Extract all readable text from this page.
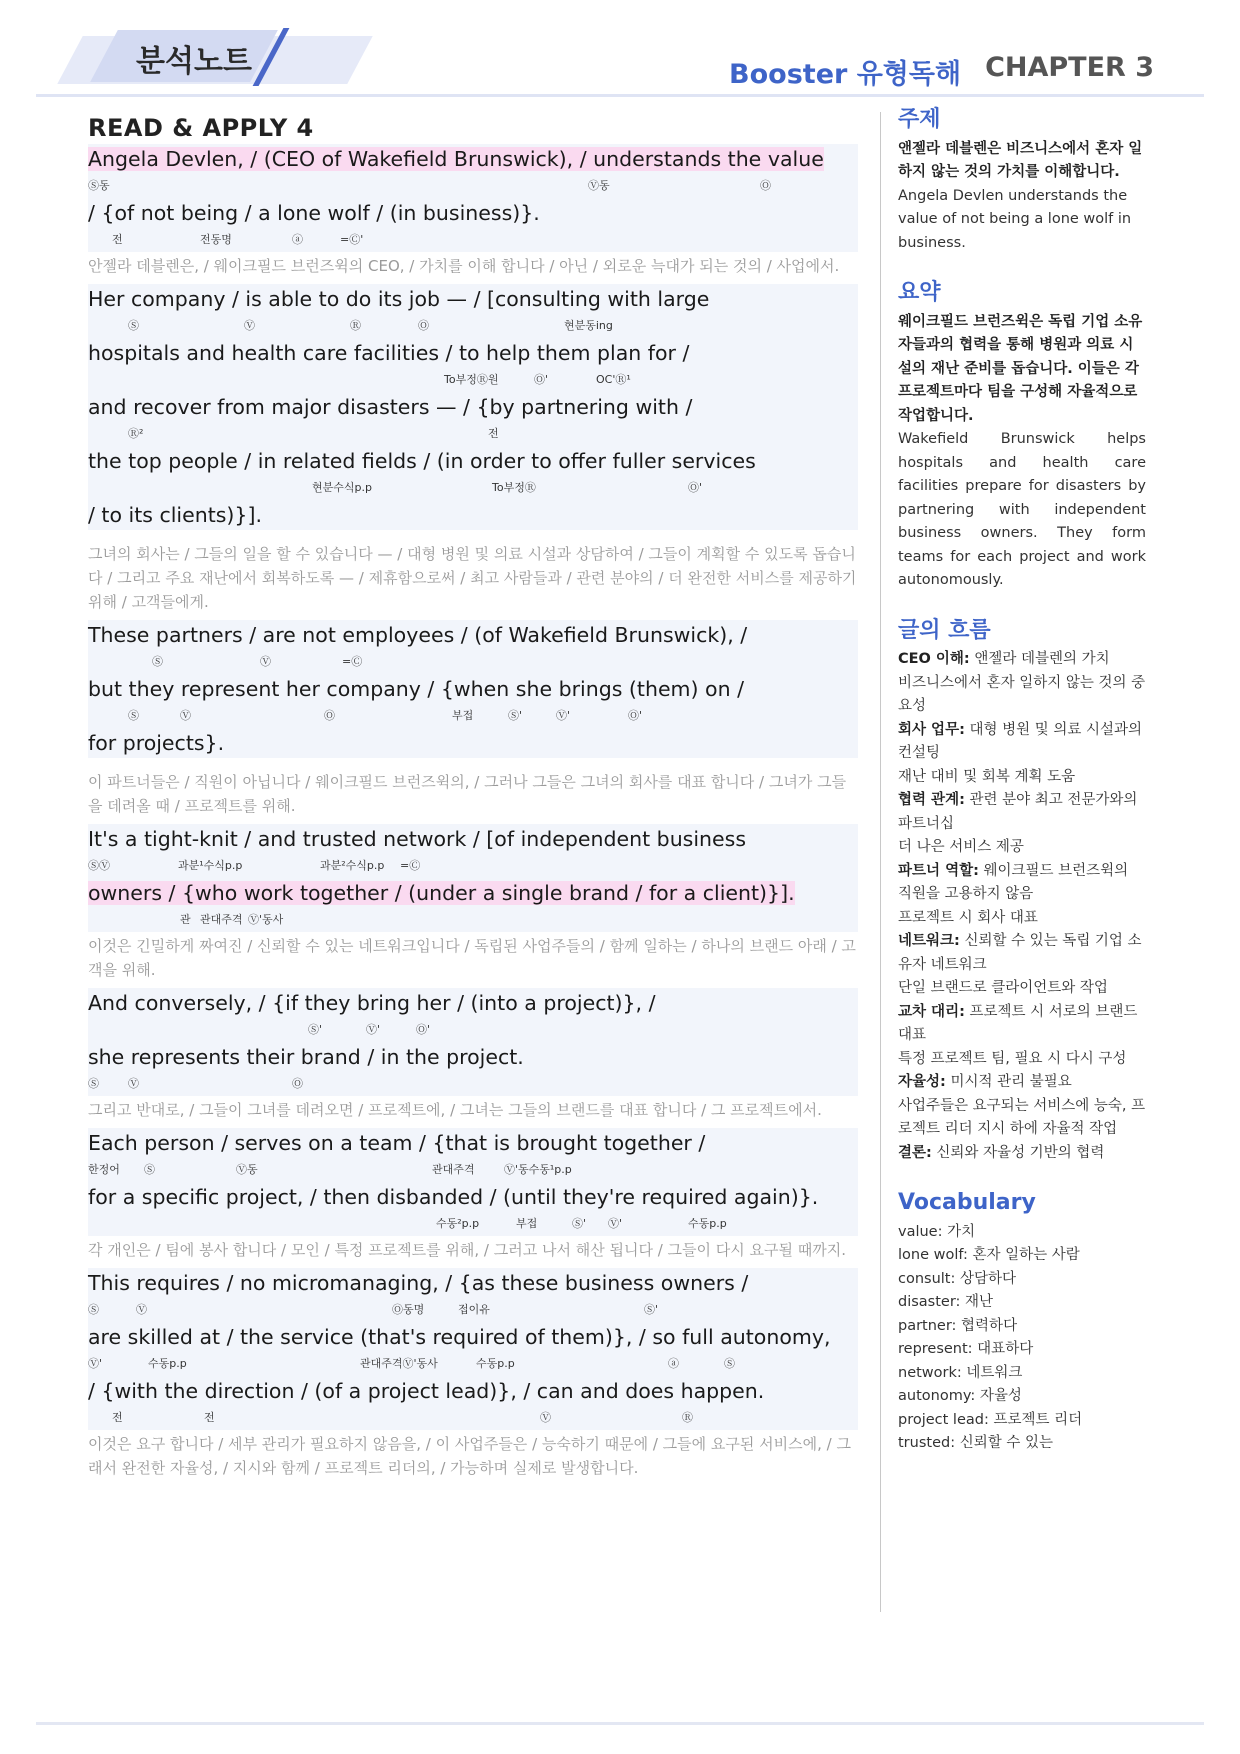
분석노트	Booster 유형독해 CHAPTER 3
READ & APPLY 4
Angela Devlen, / (CEO of Wakefield Brunswick), / understands the value
Ⓢ동	Ⓥ동	Ⓞ
/ {of not being / a lone wolf / (in business)}.
전	전동명	ⓐ	=Ⓒ'
안젤라 데블렌은, / 웨이크필드 브런즈윅의 CEO, / 가치를 이해 합니다 / 아닌 / 외로운 늑대가 되는 것의 / 사업에서.
Her company / is able to do its job — / [consulting with large
Ⓢ	Ⓥ	Ⓡ	Ⓞ	현분동ing
hospitals and health care facilities / to help them plan for /
To부정Ⓡ원	Ⓞ'	OC'Ⓡ¹
and recover from major disasters — / {by partnering with /
Ⓡ²	전
the top people / in related fields / (in order to offer fuller services
현분수식p.p	To부정Ⓡ	Ⓞ'
/ to its clients)}].
그녀의 회사는 / 그들의 일을 할 수 있습니다 — / 대형 병원 및 의료 시설과 상담하여 / 그들이 계획할 수 있도록 돕습니다 / 그리고 주요 재난에서 회복하도록 — / 제휴함으로써 / 최고 사람들과 / 관련 분야의 / 더 완전한 서비스를 제공하기 위해 / 고객들에게.
These partners / are not employees / (of Wakefield Brunswick), /
Ⓢ	Ⓥ	=Ⓒ
but they represent her company / {when she brings (them) on /
Ⓢ	Ⓥ	Ⓞ	부접	Ⓢ'	Ⓥ'	Ⓞ'
for projects}.
이 파트너들은 / 직원이 아닙니다 / 웨이크필드 브런즈윅의, / 그러나 그들은 그녀의 회사를 대표 합니다 / 그녀가 그들을 데려올 때 / 프로젝트를 위해.
It's a tight-knit / and trusted network / [of independent business
ⓈⓋ	과분¹수식p.p	과분²수식p.p =Ⓒ
owners / {who work together / (under a single brand / for a client)}].
관 관대주격 Ⓥ'동사
이것은 긴밀하게 짜여진 / 신뢰할 수 있는 네트워크입니다 / 독립된 사업주들의 / 함께 일하는 / 하나의 브랜드 아래 / 고객을 위해.
And conversely, / {if they bring her / (into a project)}, /
Ⓢ'	Ⓥ'	Ⓞ'
she represents their brand / in the project.
Ⓢ	Ⓥ	Ⓞ
그리고 반대로, / 그들이 그녀를 데려오면 / 프로젝트에, / 그녀는 그들의 브랜드를 대표 합니다 / 그 프로젝트에서.
Each person / serves on a team / {that is brought together /
한정어 Ⓢ	Ⓥ동	관대주격	Ⓥ'동수동¹p.p
for a specific project, / then disbanded / (until they're required again)}.
수동²p.p	부접	Ⓢ' Ⓥ'	수동p.p
각 개인은 / 팀에 봉사 합니다 / 모인 / 특정 프로젝트를 위해, / 그러고 나서 해산 됩니다 / 그들이 다시 요구될 때까지.
This requires / no micromanaging, / {as these business owners /
Ⓢ	Ⓥ	Ⓞ동명	접이유	Ⓢ'
are skilled at / the service (that's required of them)}, / so full autonomy,
Ⓥ'	수동p.p	관대주격Ⓥ'동사	수동p.p	ⓐ	Ⓢ
/ {with the direction / (of a project lead)}, / can and does happen.
전	전	Ⓥ	Ⓡ
이것은 요구 합니다 / 세부 관리가 필요하지 않음을, / 이 사업주들은 / 능숙하기 때문에 / 그들에 요구된 서비스에, / 그래서 완전한 자율성, / 지시와 함께 / 프로젝트 리더의, / 가능하며 실제로 발생합니다.
주제
앤젤라 데블렌은 비즈니스에서 혼자 일하지 않는 것의 가치를 이해합니다.
Angela Devlen understands the value of not being a lone wolf in business.
요약
웨이크필드 브런즈윅은 독립 기업 소유자들과의 협력을 통해 병원과 의료 시설의 재난 준비를 돕습니다. 이들은 각 프로젝트마다 팀을 구성해 자율적으로 작업합니다.
Wakefield Brunswick helps hospitals and health care facilities prepare for disasters by partnering with independent business owners. They form teams for each project and work autonomously.
글의 흐름
CEO 이해: 앤젤라 데블렌의 가치
비즈니스에서 혼자 일하지 않는 것의 중요성
회사 업무: 대형 병원 및 의료 시설과의 컨설팅
재난 대비 및 회복 계획 도움
협력 관계: 관련 분야 최고 전문가와의 파트너십
더 나은 서비스 제공
파트너 역할: 웨이크필드 브런즈윅의 직원을 고용하지 않음
프로젝트 시 회사 대표
네트워크: 신뢰할 수 있는 독립 기업 소유자 네트워크
단일 브랜드로 클라이언트와 작업
교차 대리: 프로젝트 시 서로의 브랜드 대표
특정 프로젝트 팀, 필요 시 다시 구성
자율성: 미시적 관리 불필요
사업주들은 요구되는 서비스에 능숙, 프로젝트 리더 지시 하에 자율적 작업
결론: 신뢰와 자율성 기반의 협력
Vocabulary
value: 가치
lone wolf: 혼자 일하는 사람
consult: 상담하다
disaster: 재난
partner: 협력하다
represent: 대표하다
network: 네트워크
autonomy: 자율성
project lead: 프로젝트 리더
trusted: 신뢰할 수 있는
